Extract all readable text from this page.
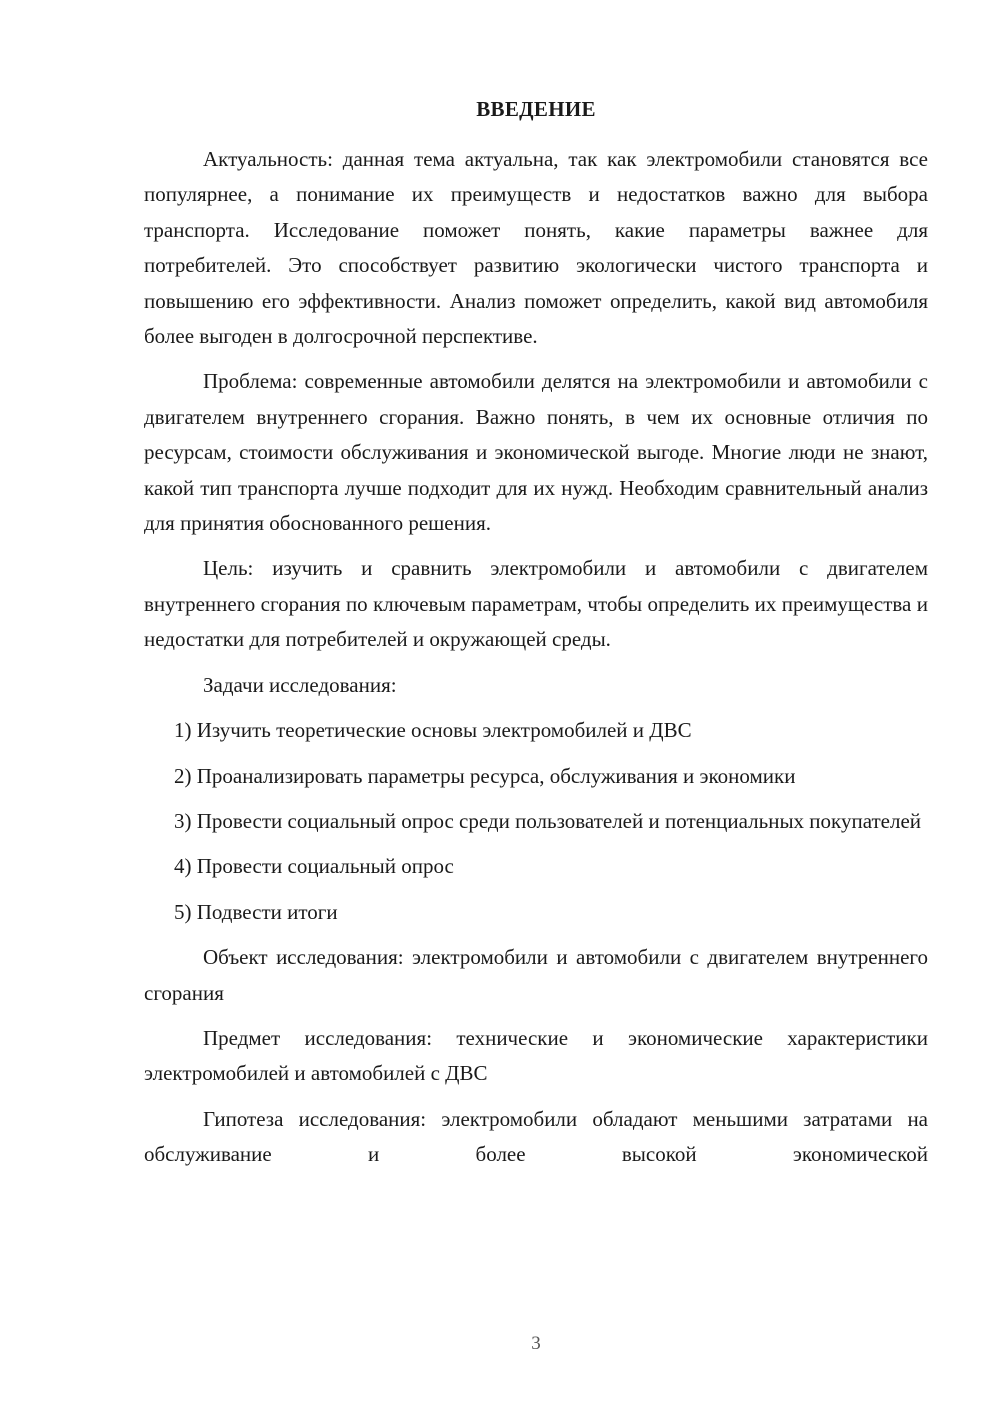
ВВЕДЕНИЕ

Актуальность: данная тема актуальна, так как электромобили становятся все популярнее, а понимание их преимуществ и недостатков важно для выбора транспорта. Исследование поможет понять, какие параметры важнее для потребителей. Это способствует развитию экологически чистого транспорта и повышению его эффективности. Анализ поможет определить, какой вид автомобиля более выгоден в долгосрочной перспективе.

Проблема: современные автомобили делятся на электромобили и автомобили с двигателем внутреннего сгорания. Важно понять, в чем их основные отличия по ресурсам, стоимости обслуживания и экономической выгоде. Многие люди не знают, какой тип транспорта лучше подходит для их нужд. Необходим сравнительный анализ для принятия обоснованного решения.

Цель: изучить и сравнить электромобили и автомобили с двигателем внутреннего сгорания по ключевым параметрам, чтобы определить их преимущества и недостатки для потребителей и окружающей среды.

Задачи исследования:

1) Изучить теоретические основы электромобилей и ДВС

2) Проанализировать параметры ресурса, обслуживания и экономики

3) Провести социальный опрос среди пользователей и потенциальных покупателей

4) Провести социальный опрос

5) Подвести итоги

Объект исследования: электромобили и автомобили с двигателем внутреннего сгорания

Предмет исследования: технические и экономические характеристики электромобилей и автомобилей с ДВС

Гипотеза исследования: электромобили обладают меньшими затратами на обслуживание и более высокой экономической

3
